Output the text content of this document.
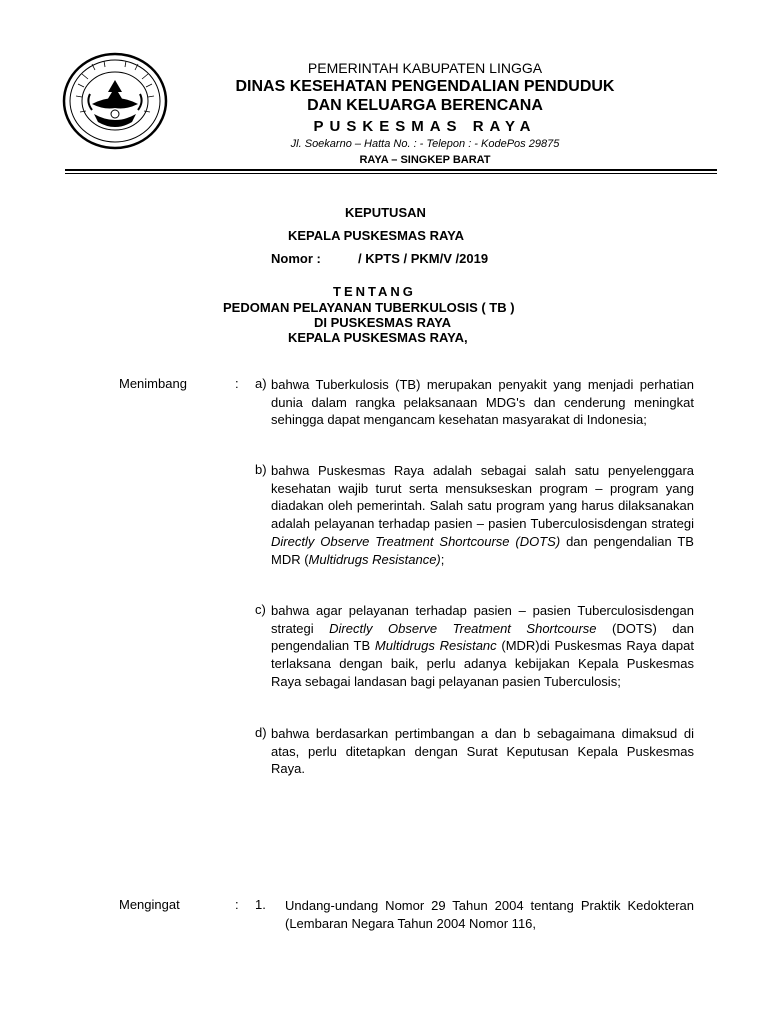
PEMERINTAH KABUPATEN LINGGA
DINAS KESEHATAN PENGENDALIAN PENDUDUK
DAN KELUARGA BERENCANA
PUSKESMAS RAYA
Jl. Soekarno – Hatta No. : - Telepon : - KodePos 29875
RAYA – SINGKEP BARAT
KEPUTUSAN
KEPALA PUSKESMAS RAYA
Nomor :	/ KPTS / PKM/V /2019
TENTANG
PEDOMAN PELAYANAN TUBERKULOSIS ( TB )
DI PUSKESMAS RAYA
KEPALA PUSKESMAS RAYA,
Menimbang	: a) bahwa Tuberkulosis (TB) merupakan penyakit yang menjadi perhatian dunia dalam rangka pelaksanaan MDG's dan cenderung meningkat sehingga dapat mengancam kesehatan masyarakat di Indonesia;
b) bahwa Puskesmas Raya adalah sebagai salah satu penyelenggara kesehatan wajib turut serta mensukseskan program – program yang diadakan oleh pemerintah. Salah satu program yang harus dilaksanakan adalah pelayanan terhadap pasien – pasien Tuberculosisdengan strategi Directly Observe Treatment Shortcourse (DOTS) dan pengendalian TB MDR (Multidrugs Resistance);
c) bahwa agar pelayanan terhadap pasien – pasien Tuberculosisdengan strategi Directly Observe Treatment Shortcourse (DOTS) dan pengendalian TB Multidrugs Resistanc (MDR)di Puskesmas Raya dapat terlaksana dengan baik, perlu adanya kebijakan Kepala Puskesmas Raya sebagai landasan bagi pelayanan pasien Tuberculosis;
d) bahwa berdasarkan pertimbangan a dan b sebagaimana dimaksud di atas, perlu ditetapkan dengan Surat Keputusan Kepala Puskesmas Raya.
Mengingat	: 1. Undang-undang Nomor 29 Tahun 2004 tentang Praktik Kedokteran (Lembaran Negara Tahun 2004 Nomor 116,
